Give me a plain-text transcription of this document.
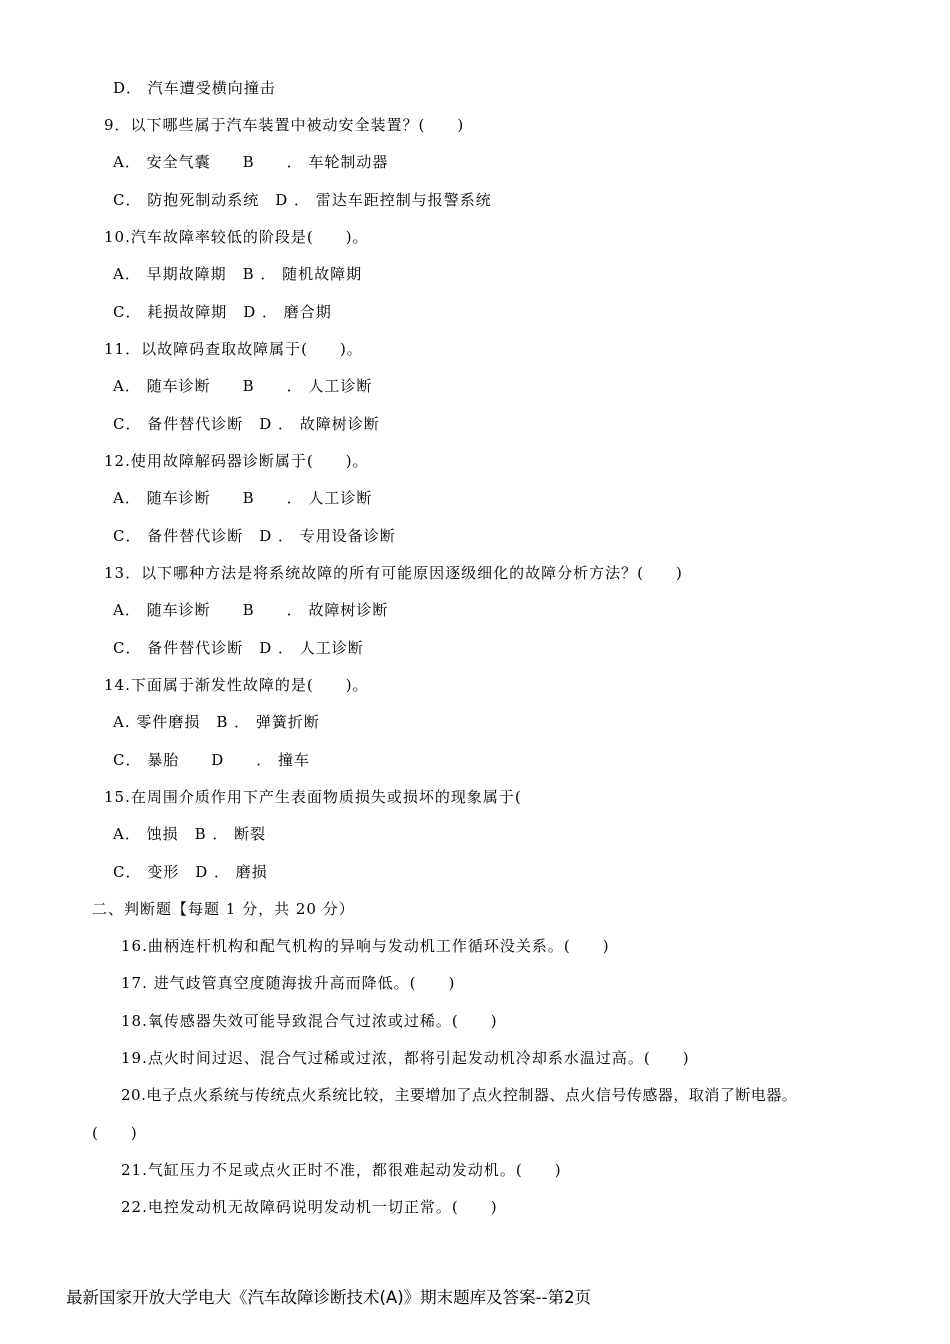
D． 汽车遭受横向撞击
9．以下哪些属于汽车装置中被动安全装置？(　　)
A． 安全气囊　　B　　． 车轮制动器
C． 防抱死制动系统　D ． 雷达车距控制与报警系统
10.汽车故障率较低的阶段是(　　)。
A． 早期故障期　B ． 随机故障期
C． 耗损故障期　D ． 磨合期
11．以故障码查取故障属于(　　)。
A． 随车诊断　　B　　． 人工诊断
C． 备件替代诊断　D ． 故障树诊断
12.使用故障解码器诊断属于(　　)。
A． 随车诊断　　B　　． 人工诊断
C． 备件替代诊断　D ． 专用设备诊断
13．以下哪种方法是将系统故障的所有可能原因逐级细化的故障分析方法？(　　)
A． 随车诊断　　B　　． 故障树诊断
C． 备件替代诊断　D ． 人工诊断
14.下面属于渐发性故障的是(　　)。
A. 零件磨损　B ． 弹簧折断
C． 暴胎　　D　　． 撞车
15.在周围介质作用下产生表面物质损失或损坏的现象属于(
A． 蚀损　B ． 断裂
C． 变形　D ． 磨损
二、判断题【每题 1 分，共 20 分）
16.曲柄连杆机构和配气机构的异响与发动机工作循环没关系。(　　)
17. 进气歧管真空度随海拔升高而降低。(　　)
18.氧传感器失效可能导致混合气过浓或过稀。(　　)
19.点火时间过迟、混合气过稀或过浓，都将引起发动机冷却系水温过高。(　　)
20.电子点火系统与传统点火系统比较，主要增加了点火控制器、点火信号传感器，取消了断电器。
(　　)
21.气缸压力不足或点火正时不准，都很难起动发动机。(　　)
22.电控发动机无故障码说明发动机一切正常。(　　)
最新国家开放大学电大《汽车故障诊断技术(A)》期末题库及答案--第2页
